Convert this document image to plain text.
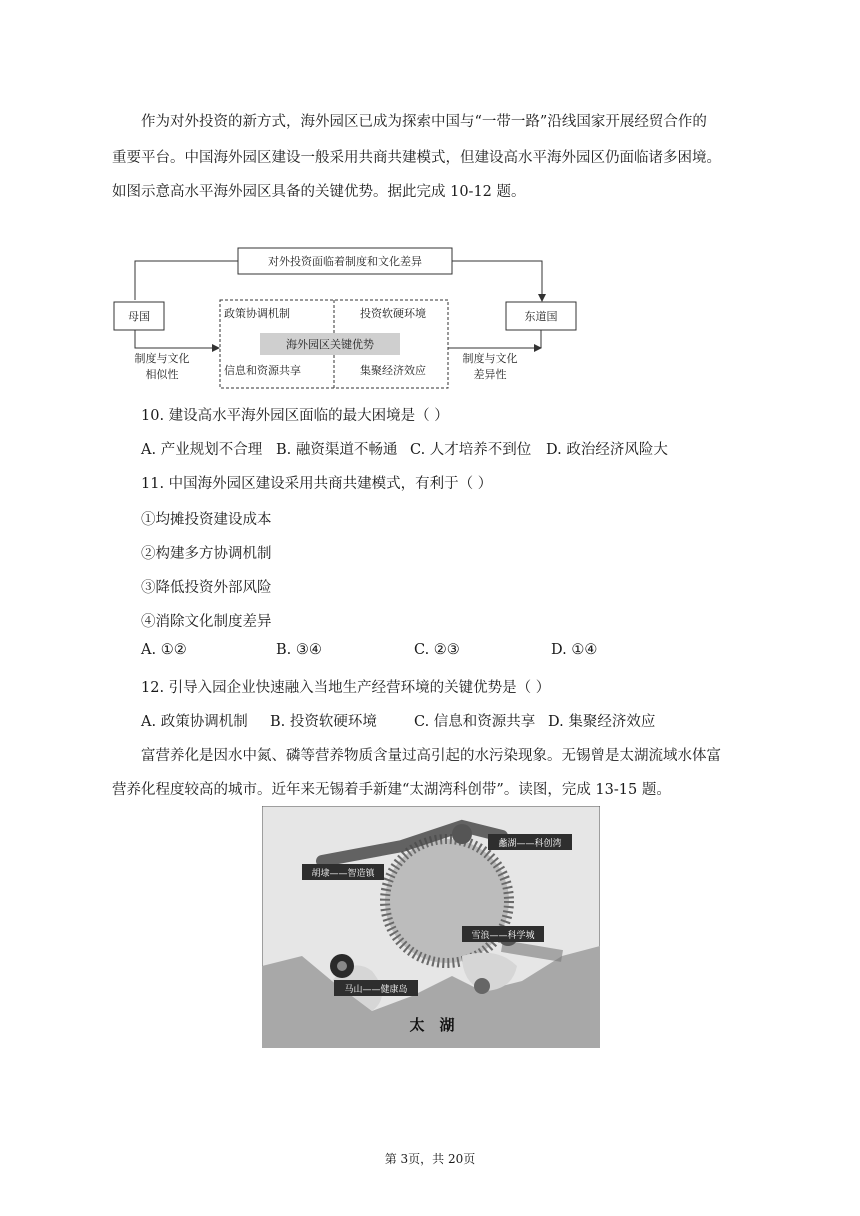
作为对外投资的新方式，海外园区已成为探索中国与“一带一路”沿线国家开展经贸合作的
重要平台。中国海外园区建设一般采用共商共建模式，但建设高水平海外园区仍面临诸多困境。
如图示意高水平海外园区具备的关键优势。据此完成 10-12 题。
对外投资面临着制度和文化差异
母国	东道国
政策协调机制	投资软硬环境
信息和资源共享	集聚经济效应
海外园区关键优势
制度与文化
相似性
制度与文化
差异性
10. 建设高水平海外园区面临的最大困境是（ ）
A. 产业规划不合理 B. 融资渠道不畅通 C. 人才培养不到位 D. 政治经济风险大
11. 中国海外园区建设采用共商共建模式，有利于（ ）
①均摊投资建设成本
②构建多方协调机制
③降低投资外部风险
④消除文化制度差异
A. ①②	B. ③④	C. ②③	D. ①④
12. 引导入园企业快速融入当地生产经营环境的关键优势是（ ）
A. 政策协调机制 B. 投资软硬环境	C. 信息和资源共享 D. 集聚经济效应
富营养化是因水中氮、磷等营养物质含量过高引起的水污染现象。无锡曾是太湖流域水体富
营养化程度较高的城市。近年来无锡着手新建“太湖湾科创带”。读图，完成 13-15 题。
蠡湖——科创湾
胡埭——智造镇
雪浪——科学城
马山——健康岛
太　湖
第 3页，共 20页
